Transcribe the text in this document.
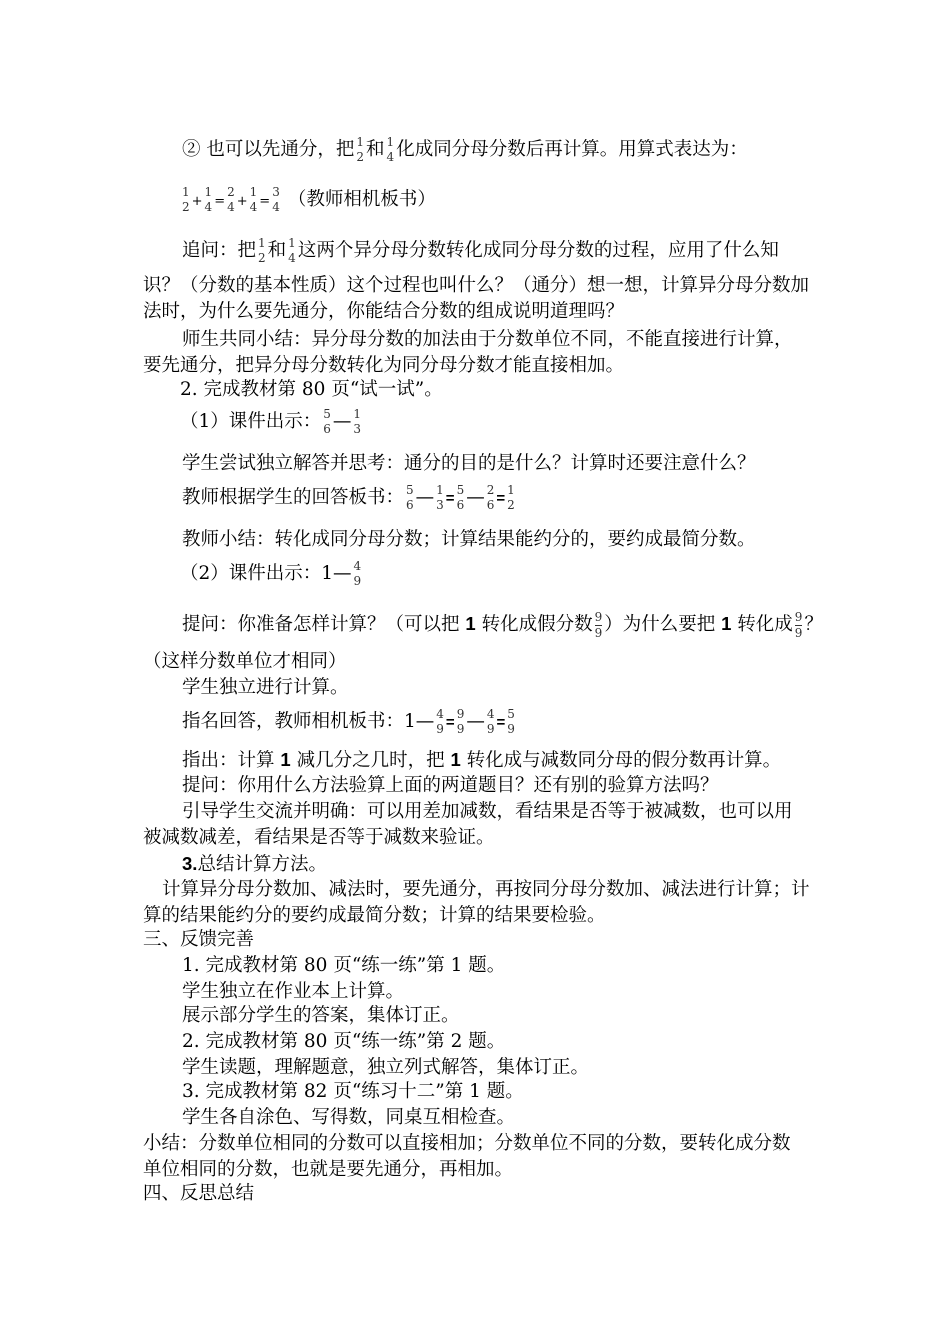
② 也可以先通分，把 1
2 和 1
4 化成同分母分数后再计算。用算式表达为：
1
2 +
1
4 =
2
4 +
1
4 =
3
4 （教师相机板书）
追问：把 1
2 和 1
4 这两个异分母分数转化成同分母分数的过程，应用了什么知
识？（分数的基本性质）这个过程也叫什么？（通分）想一想，计算异分母分数加
法时，为什么要先通分，你能结合分数的组成说明道理吗？
师生共同小结：异分母分数的加法由于分数单位不同，不能直接进行计算，
要先通分，把异分母分数转化为同分母分数才能直接相加。
2. 完成教材第 80 页“试一试”。
（1）课件出示： 5
6 — 1
3
学生尝试独立解答并思考：通分的目的是什么？计算时还要注意什么？
教师根据学生的回答板书： 5
6 — 1
3 = 5
6 — 2
6 = 1
2
教师小结：转化成同分母分数；计算结果能约分的，要约成最简分数。
（2）课件出示：1— 4
9
提问：你准备怎样计算？（可以把 1 转化成假分数 $\frac{9}{9}$ ）为什么要把 1 转化成 $\frac{9}{9}$ ？
（这样分数单位才相同）
学生独立进行计算。
指名回答，教师相机板书：1— 4
9 = 9
9 — 4
9 = 5
9
指出：计算 1 减几分之几时，把 1 转化成与减数同分母的假分数再计算。
提问：你用什么方法验算上面的两道题目？还有别的验算方法吗？
引导学生交流并明确：可以用差加减数，看结果是否等于被减数，也可以用
被减数减差，看结果是否等于减数来验证。
3.总结计算方法。
计算异分母分数加、减法时，要先通分，再按同分母分数加、减法进行计算；计
算的结果能约分的要约成最简分数；计算的结果要检验。
三、反馈完善
1. 完成教材第 80 页“练一练”第 1 题。
学生独立在作业本上计算。
展示部分学生的答案，集体订正。
2. 完成教材第 80 页“练一练”第 2 题。
学生读题，理解题意，独立列式解答，集体订正。
3. 完成教材第 82 页“练习十二”第 1 题。
学生各自涂色、写得数，同桌互相检查。
小结：分数单位相同的分数可以直接相加；分数单位不同的分数，要转化成分数
单位相同的分数，也就是要先通分，再相加。
四、反思总结
